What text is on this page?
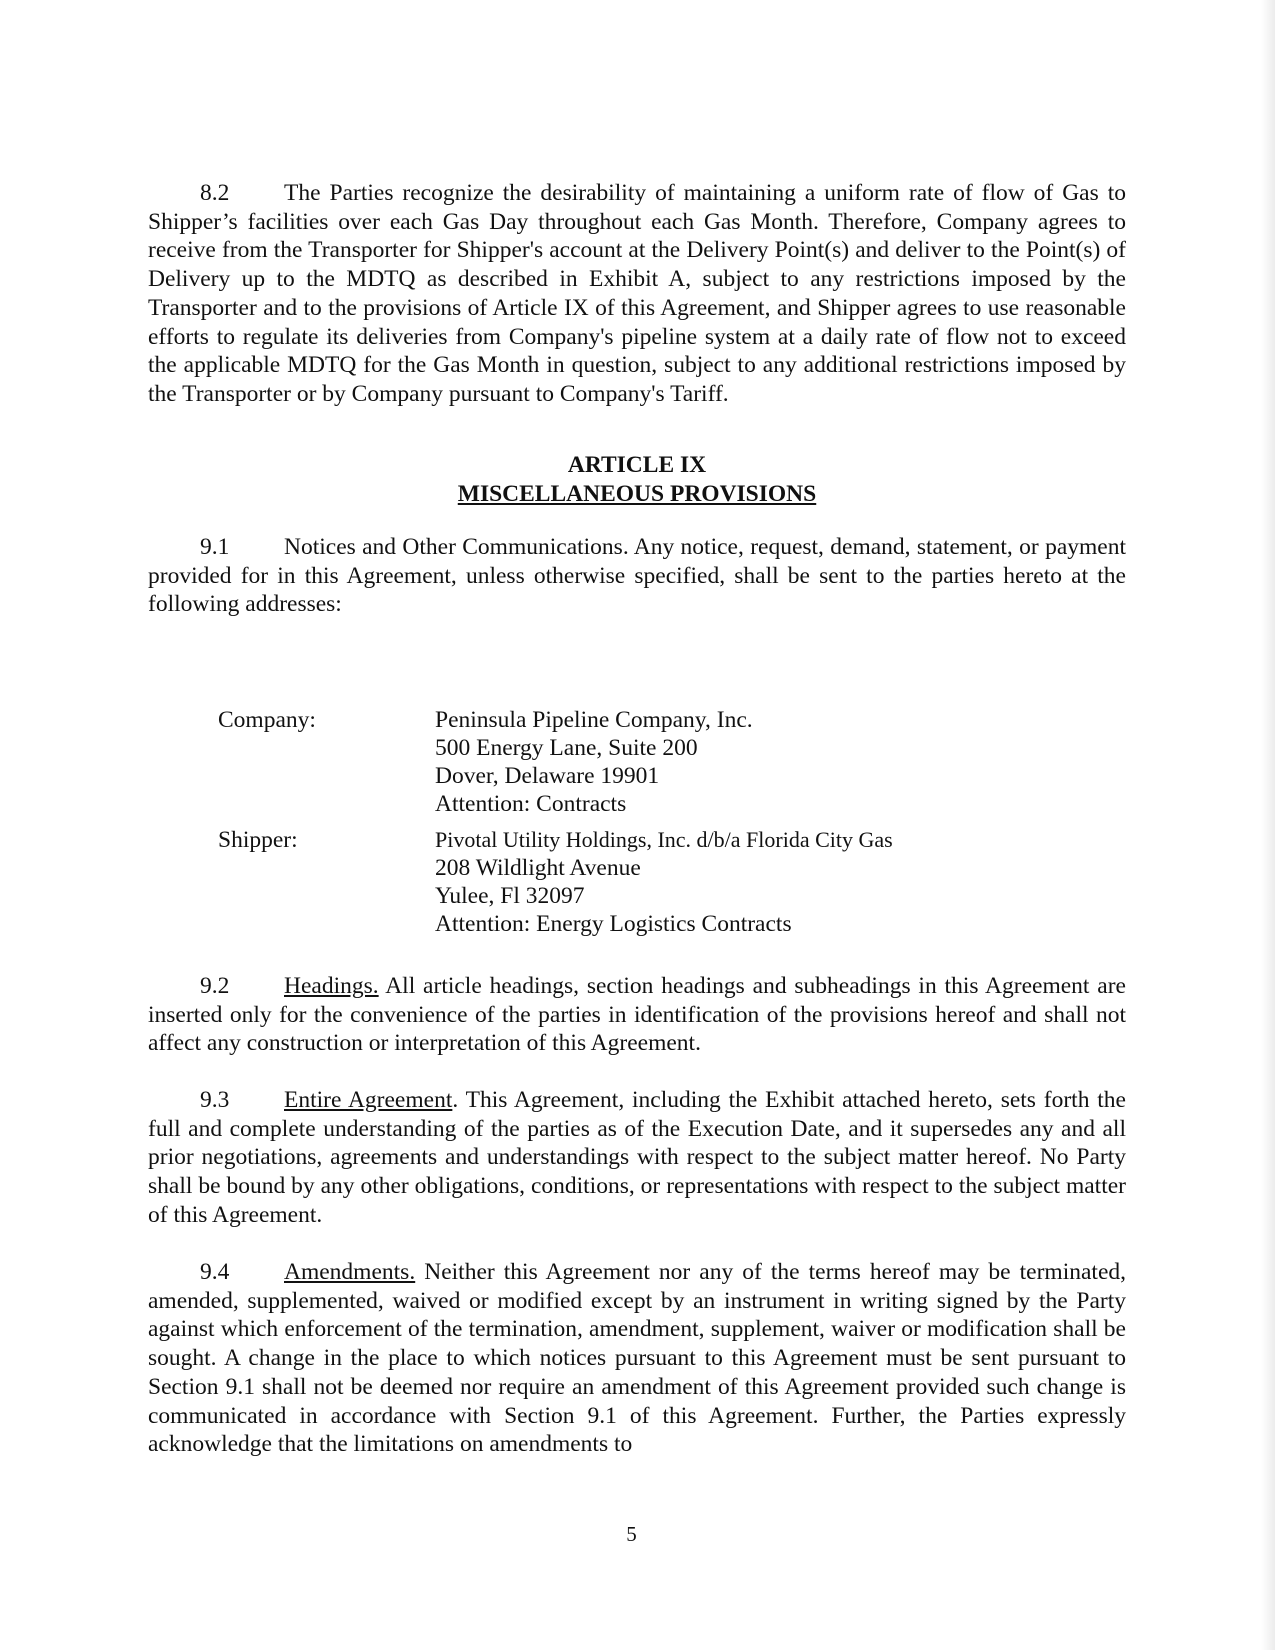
8.2 The Parties recognize the desirability of maintaining a uniform rate of flow of Gas to Shipper’s facilities over each Gas Day throughout each Gas Month. Therefore, Company agrees to receive from the Transporter for Shipper's account at the Delivery Point(s) and deliver to the Point(s) of Delivery up to the MDTQ as described in Exhibit A, subject to any restrictions imposed by the Transporter and to the provisions of Article IX of this Agreement, and Shipper agrees to use reasonable efforts to regulate its deliveries from Company's pipeline system at a daily rate of flow not to exceed the applicable MDTQ for the Gas Month in question, subject to any additional restrictions imposed by the Transporter or by Company pursuant to Company's Tariff.

ARTICLE IX
MISCELLANEOUS PROVISIONS

9.1 Notices and Other Communications. Any notice, request, demand, statement, or payment provided for in this Agreement, unless otherwise specified, shall be sent to the parties hereto at the following addresses:

Company:	Peninsula Pipeline Company, Inc.
500 Energy Lane, Suite 200
Dover, Delaware 19901
Attention: Contracts
Shipper:	Pivotal Utility Holdings, Inc. d/b/a Florida City Gas
208 Wildlight Avenue
Yulee, Fl 32097
Attention: Energy Logistics Contracts

9.2 Headings. All article headings, section headings and subheadings in this Agreement are inserted only for the convenience of the parties in identification of the provisions hereof and shall not affect any construction or interpretation of this Agreement.

9.3 Entire Agreement. This Agreement, including the Exhibit attached hereto, sets forth the full and complete understanding of the parties as of the Execution Date, and it supersedes any and all prior negotiations, agreements and understandings with respect to the subject matter hereof. No Party shall be bound by any other obligations, conditions, or representations with respect to the subject matter of this Agreement.

9.4 Amendments. Neither this Agreement nor any of the terms hereof may be terminated, amended, supplemented, waived or modified except by an instrument in writing signed by the Party against which enforcement of the termination, amendment, supplement, waiver or modification shall be sought. A change in the place to which notices pursuant to this Agreement must be sent pursuant to Section 9.1 shall not be deemed nor require an amendment of this Agreement provided such change is communicated in accordance with Section 9.1 of this Agreement. Further, the Parties expressly acknowledge that the limitations on amendments to

5
